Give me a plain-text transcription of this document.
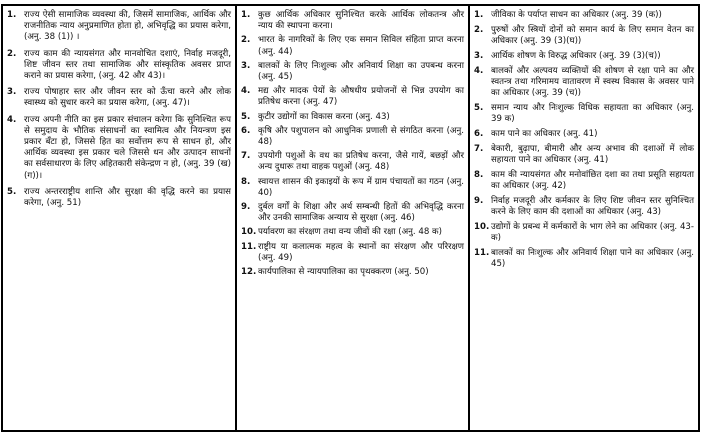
1. राज्य ऐसी सामाजिक व्यवस्था की, जिसमें सामाजिक, आर्थिक और राजनीतिक न्याय अनुप्रमाणित होता हो, अभिवृद्धि का प्रयास करेगा, (अनु. 38 (1)) ।
2. राज्य काम की न्यायसंगत और मानवोचित दशाएं, निर्वाह मजदूरी, शिष्ट जीवन स्तर तथा सामाजिक और सांस्कृतिक अवसर प्राप्त कराने का प्रयास करेगा, (अनु. 42 और 43)।
3. राज्य पोषाहार स्तर और जीवन स्तर को ऊँचा करने और लोक स्वास्थ्य को सुधार करने का प्रयास करेगा, (अनु. 47)।
4. राज्य अपनी नीति का इस प्रकार संचालन करेगा कि सुनिश्चित रूप से समुदाय के भौतिक संसाधनों का स्वामित्व और नियन्त्रण इस प्रकार बँटा हो, जिससे हित का सर्वोत्तम रूप से साधन हो, और आर्थिक व्यवस्था इस प्रकार चले जिससे धन और उत्पादन साधनों का सर्वसाधारण के लिए अहितकारी संकेन्द्रण न हो, (अनु. 39 (ख)(ग))।
5. राज्य अन्तरराष्ट्रीय शान्ति और सुरक्षा की वृद्धि करने का प्रयास करेगा, (अनु. 51)
1. कुछ आर्थिक अधिकार सुनिश्चित करके आर्थिक लोकतन्त्र और न्याय की स्थापना करना।
2. भारत के नागरिकों के लिए एक समान सिविल संहिता प्राप्त करना (अनु. 44)
3. बालकों के लिए निःशुल्क और अनिवार्य शिक्षा का उपबन्ध करना (अनु. 45)
4. मद्य और मादक पेयों के औषधीय प्रयोजनों से भिन्न उपयोग का प्रतिषेध करना (अनु. 47)
5. कुटीर उद्योगों का विकास करना (अनु. 43)
6. कृषि और पशुपालन को आधुनिक प्रणाली से संगठित करना (अनु. 48)
7. उपयोगी पशुओं के वध का प्रतिषेध करना, जैसे गायें, बछड़ों और अन्य दुधारू तथा वाहक पशुओं (अनु. 48)
8. स्वायत्त शासन की इकाइयों के रूप में ग्राम पंचायतों का गठन (अनु. 40)
9. दुर्बल वर्गों के शिक्षा और अर्थ सम्बन्धी हितों की अभिवृद्धि करना और उनकी सामाजिक अन्याय से सुरक्षा (अनु. 46)
10. पर्यावरण का संरक्षण तथा वन्य जीवों की रक्षा (अनु. 48 क)
11. राष्ट्रीय या कलात्मक महत्व के स्थानों का संरक्षण और परिरक्षण (अनु. 49)
12. कार्यपालिका से न्यायपालिका का पृथक्करण (अनु. 50)
1. जीविका के पर्याप्त साधन का अधिकार (अनु. 39 (क))
2. पुरुषों और स्त्रियों दोनों को समान कार्य के लिए समान वेतन का अधिकार (अनु. 39 (3)(घ))
3. आर्थिक शोषण के विरुद्ध अधिकार (अनु. 39 (3)(च))
4. बालकों और अल्पवय व्यक्तियों की शोषण से रक्षा पाने का और स्वतन्त्र तथा गरिमामय वातावरण में स्वस्थ विकास के अवसर पाने का अधिकार (अनु. 39 (च))
5. समान न्याय और निःशुल्क विधिक सहायता का अधिकार (अनु. 39 क)
6. काम पाने का अधिकार (अनु. 41)
7. बेकारी, बुढ़ापा, बीमारी और अन्य अभाव की दशाओं में लोक सहायता पाने का अधिकार (अनु. 41)
8. काम की न्यायसंगत और मनोवांछित दशा का तथा प्रसूति सहायता का अधिकार (अनु. 42)
9. निर्वाह मजदूरी और कर्मकार के लिए शिष्ट जीवन स्तर सुनिश्चित करने के लिए काम की दशाओं का अधिकार (अनु. 43)
10. उद्योगों के प्रबन्ध में कर्मकारों के भाग लेने का अधिकार (अनु. 43-क)
11. बालकों का निःशुल्क और अनिवार्य शिक्षा पाने का अधिकार (अनु. 45)
